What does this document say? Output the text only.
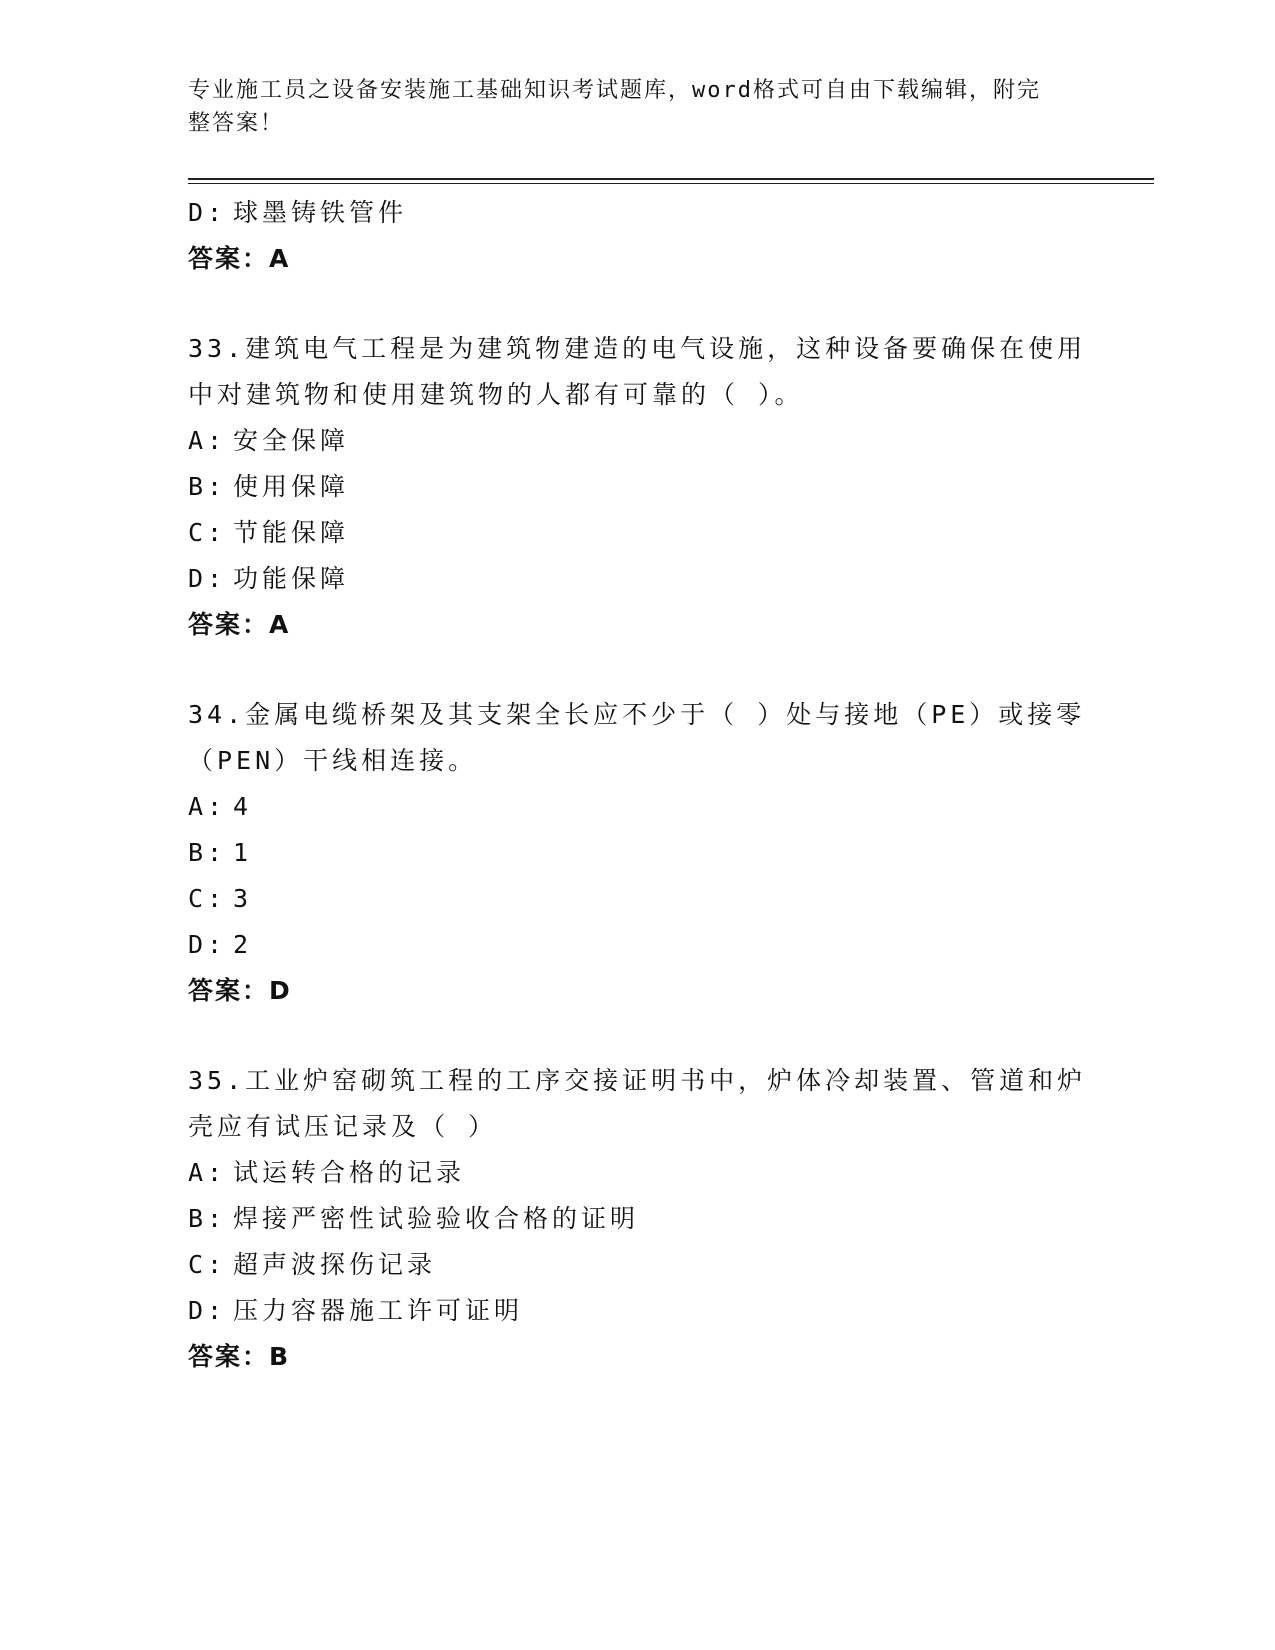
专业施工员之设备安装施工基础知识考试题库，word格式可自由下载编辑，附完
整答案！
D: 球墨铸铁管件
答案：A
33.建筑电气工程是为建筑物建造的电气设施，这种设备要确保在使用
中对建筑物和使用建筑物的人都有可靠的（ ）。
A: 安全保障
B: 使用保障
C: 节能保障
D: 功能保障
答案：A
34.金属电缆桥架及其支架全长应不少于（ ）处与接地（PE）或接零
（PEN）干线相连接。
A: 4
B: 1
C: 3
D: 2
答案：D
35.工业炉窑砌筑工程的工序交接证明书中，炉体冷却装置、管道和炉
壳应有试压记录及（ ）
A: 试运转合格的记录
B: 焊接严密性试验验收合格的证明
C: 超声波探伤记录
D: 压力容器施工许可证明
答案：B
